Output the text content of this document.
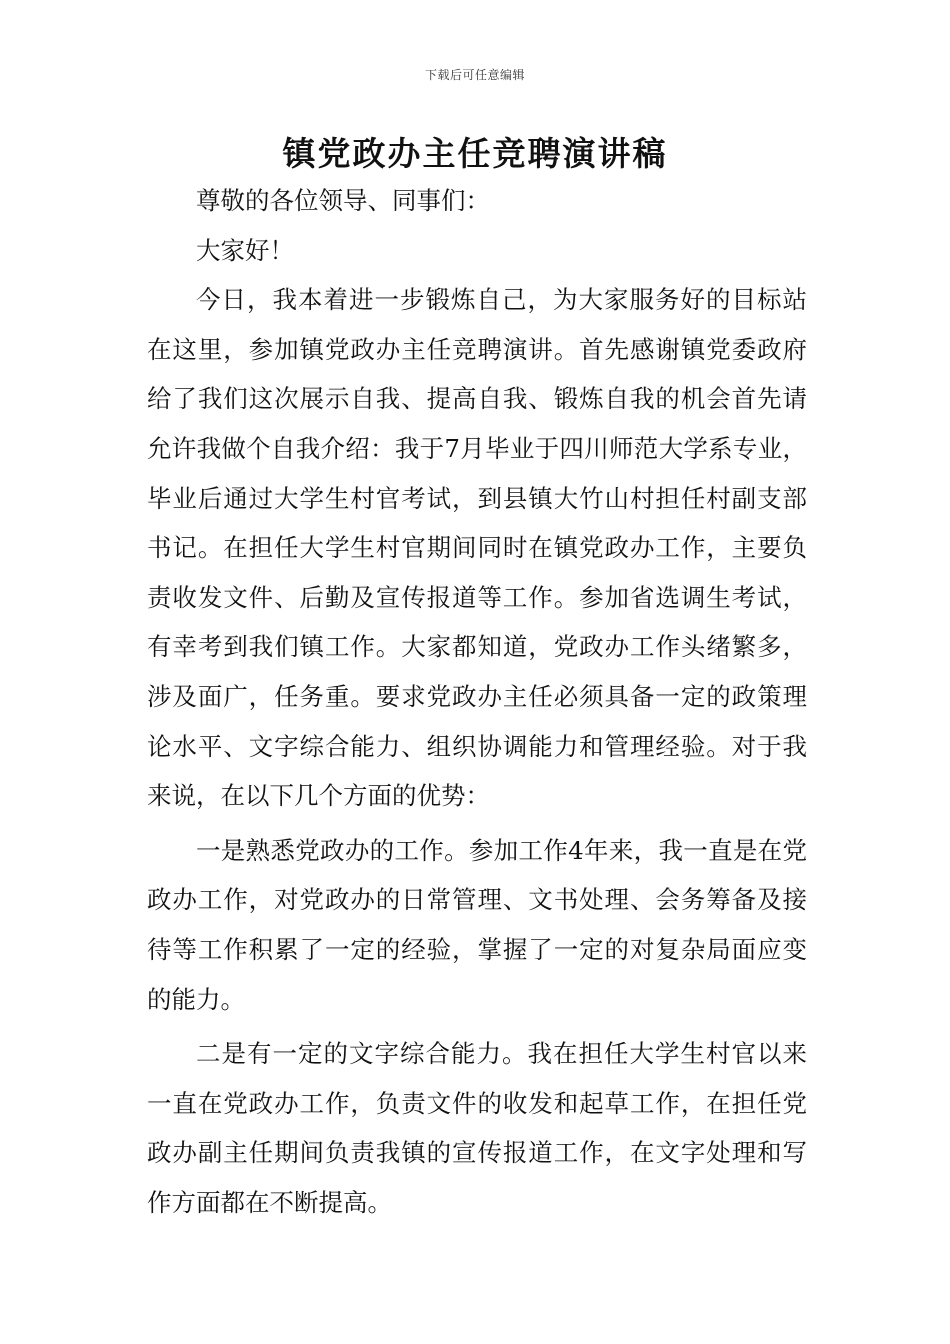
下载后可任意编辑
镇党政办主任竞聘演讲稿

尊敬的各位领导、同事们：

大家好！

今日，我本着进一步锻炼自己，为大家服务好的目标站在这里，参加镇党政办主任竞聘演讲。首先感谢镇党委政府给了我们这次展示自我、提高自我、锻炼自我的机会首先请允许我做个自我介绍：我于7月毕业于四川师范大学系专业，毕业后通过大学生村官考试，到县镇大竹山村担任村副支部书记。在担任大学生村官期间同时在镇党政办工作，主要负责收发文件、后勤及宣传报道等工作。参加省选调生考试，有幸考到我们镇工作。大家都知道，党政办工作头绪繁多，涉及面广，任务重。要求党政办主任必须具备一定的政策理论水平、文字综合能力、组织协调能力和管理经验。对于我来说，在以下几个方面的优势：

一是熟悉党政办的工作。参加工作4年来，我一直是在党政办工作，对党政办的日常管理、文书处理、会务筹备及接待等工作积累了一定的经验，掌握了一定的对复杂局面应变的能力。

二是有一定的文字综合能力。我在担任大学生村官以来一直在党政办工作，负责文件的收发和起草工作，在担任党政办副主任期间负责我镇的宣传报道工作，在文字处理和写作方面都在不断提高。
